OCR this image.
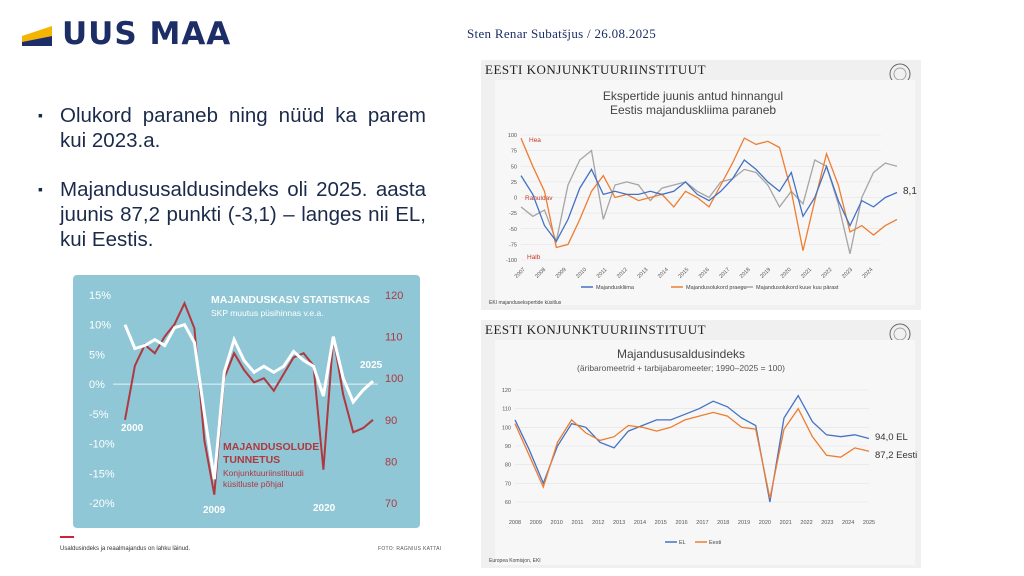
UUS MAA	Sten Renar Subatšjus / 26.08.2025
▪ Olukord paraneb ning nüüd ka parem kui 2023.a.
▪ Majandususaldusindeks oli 2025. aasta juunis 87,2 punkti (-3,1) – langes nii EL, kui Eestis.
15%
10%
5%
0%
-5%
-10%
-15%
-20%
120
110
100
90
80
70
MAJANDUSKASV STATISTIKAS
SKP muutus püsihinnas v.e.a.
MAJANDUSOLUDE
TUNNETUS
Konjunktuuriinstituudi
küsitluste põhjal
2000
2009	2020
2025
Usaldusindeks ja reaalmajandus on lahku läinud.	FOTO: RAGNIUS KATTAI
EESTI KONJUNKTUURIINSTITUUT
Ekspertide juunis antud hinnangul
Eestis majanduskliima paraneb
100
75
50
25
0
-25
-50
-75
-100
2007 2008 2009 2010 2011 2012 2013 2014 2015 2016 2017 2018 2019 2020 2021 2022 2023 2024
Hea
Rahuldav
Halb
8,1
Majanduskliima	Majandusolukord praegu Majandusolukord kuue kuu pärast
EKI majandusekspertide küsitlus
EESTI KONJUNKTUURIINSTITUUT
Majandususaldusindeks
(äribaromeetrid + tarbijabaromeeter; 1990–2025 = 100)
120
110
100
90
80
70
60
2008 2009 2010 2011 2012 2013 2014 2015 2016 2017 2018 2019 2020 2021 2022 2023 2024 2025
94,0 EL
87,2 Eesti
EL	Eesti
Europea Komisjon, EKI
